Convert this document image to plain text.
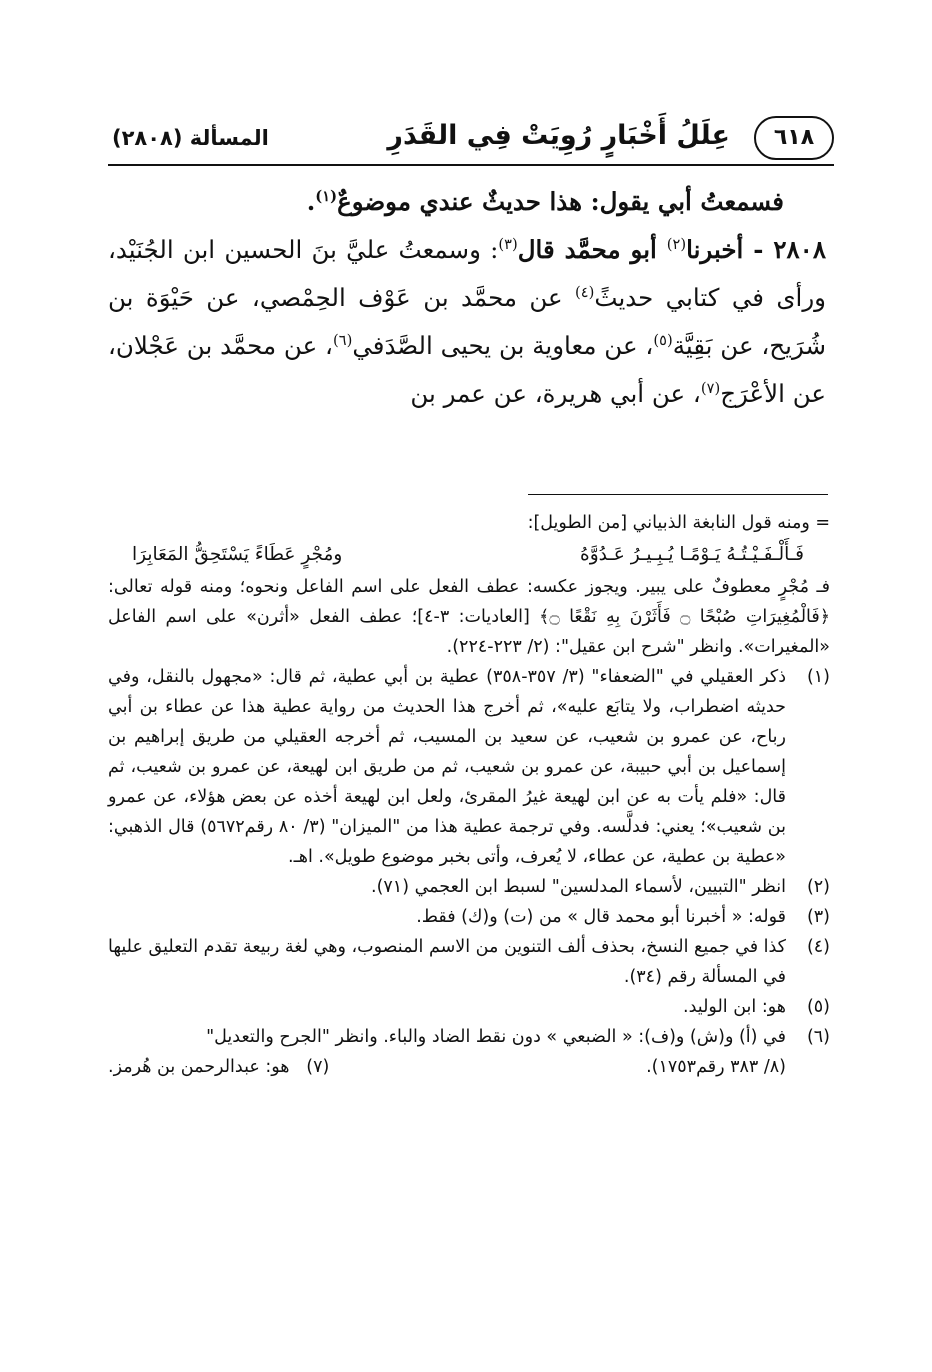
٦١٨
عِلَلُ أَخْبَارٍ رُوِيَتْ فِي القَدَرِ
المسألة (٢٨٠٨)

فسمعتُ أبي يقول: هذا حديثٌ عندي موضوعٌ$^{(١)}$.

٢٨٠٨ - أخبرنا$^{(٢)}$ أبو محمَّد قال$^{(٣)}$: وسمعتُ عليَّ بنَ الحسين ابن الجُنَيْد، ورأى في كتابي حديثً$^{(٤)}$ عن محمَّد بن عَوْف الحِمْصي، عن حَيْوَة بن شُرَيح، عن بَقِيَّة$^{(٥)}$، عن معاوية بن يحيى الصَّدَفي$^{(٦)}$، عن محمَّد بن عَجْلان، عن الأعْرَج$^{(٧)}$، عن أبي هريرة، عن عمر بن

= ومنه قول النابغة الذبياني [من الطويل]:

فَـأَلْـفَـيْـتُـهُ يَـوْمًـا يُـبِـيـرُ عَـدُوَّهُ
ومُجْرٍ عَطَاءً يَسْتَحِقُّ المَعَابِرَا

فـ مُجْرٍ معطوفٌ على يبير. ويجوز عكسه: عطف الفعل على اسم الفاعل ونحوه؛ ومنه قوله تعالى: ﴿فَالْمُغِيرَاتِ صُبْحًا ۝ فَأَثَرْنَ بِهِ نَقْعًا ۝﴾ [العاديات: ٣-٤]؛ عطف الفعل «أثرن» على اسم الفاعل «المغيرات». وانظر "شرح ابن عقيل": (٢/ ٢٢٣-٢٢٤).

(١)
ذكر العقيلي في "الضعفاء" (٣/ ٣٥٧-٣٥٨) عطية بن أبي عطية، ثم قال: «مجهول بالنقل، وفي حديثه اضطراب، ولا يتابَع عليه»، ثم أخرج هذا الحديث من رواية عطية هذا عن عطاء بن أبي رباح، عن عمرو بن شعيب، عن سعيد بن المسيب، ثم أخرجه العقيلي من طريق إبراهيم بن إسماعيل بن أبي حبيبة، عن عمرو بن شعيب، ثم من طريق ابن لهيعة، عن عمرو بن شعيب، ثم قال: «فلم يأت به عن ابن لهيعة غيرُ المقرئ، ولعل ابن لهيعة أخذه عن بعض هؤلاء، عن عمرو بن شعيب»؛ يعني: فدلَّسه. وفي ترجمة عطية هذا من "الميزان" (٣/ ٨٠ رقم٥٦٧٢) قال الذهبي: «عطية بن عطية، عن عطاء، لا يُعرف، وأتى بخبر موضوع طويل». اهـ.
(٢)
انظر "التبيين، لأسماء المدلسين" لسبط ابن العجمي (٧١).
(٣)
قوله: « أخبرنا أبو محمد قال » من (ت) و(ك) فقط.
(٤)
كذا في جميع النسخ، بحذف ألف التنوين من الاسم المنصوب، وهي لغة ربيعة تقدم التعليق عليها في المسألة رقم (٣٤).
(٥)
هو: ابن الوليد.
(٦)
في (أ) و(ش) و(ف): « الضبعي » دون نقط الضاد والباء. وانظر "الجرح والتعديل"
(٨/ ٣٨٣ رقم١٧٥٣).
(٧)   هو: عبدالرحمن بن هُرمز.
